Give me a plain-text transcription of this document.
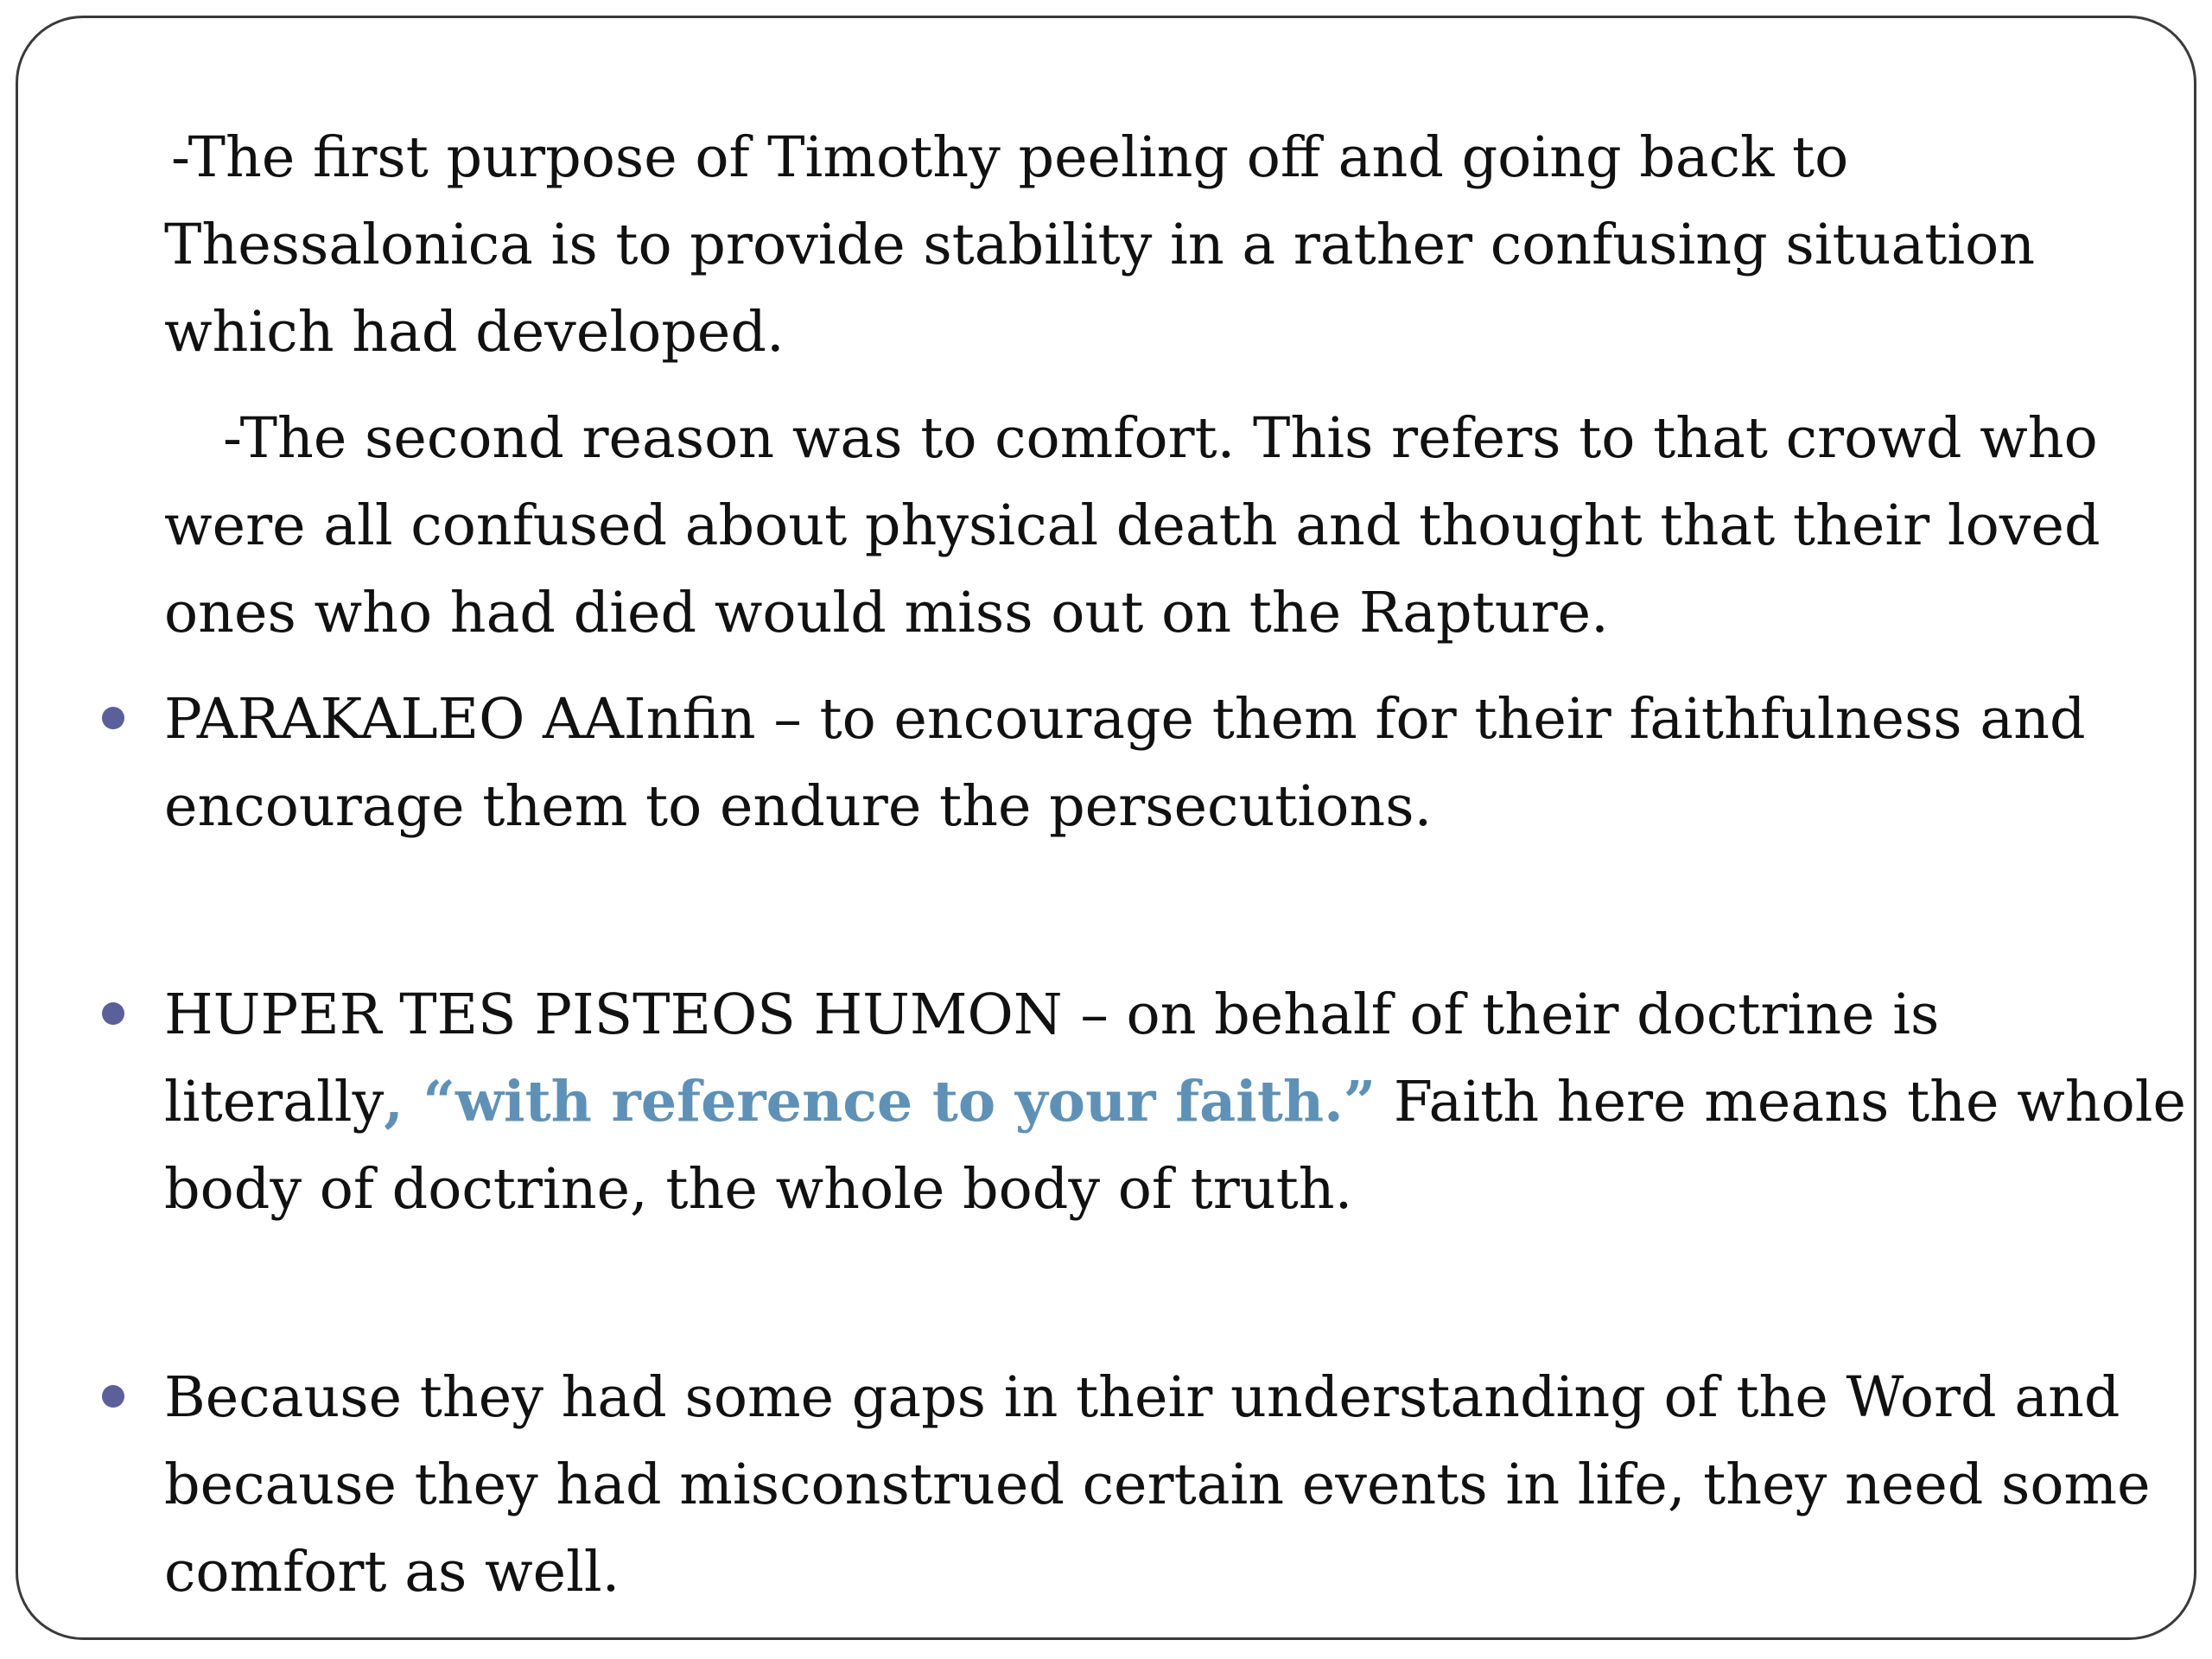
-The first purpose of Timothy peeling off and going back to Thessalonica is to provide stability in a rather confusing situation which had developed.

-The second reason was to comfort. This refers to that crowd who were all confused about physical death and thought that their loved ones who had died would miss out on the Rapture.

PARAKALEO AAInfin – to encourage them for their faithfulness and encourage them to endure the persecutions.
HUPER TES PISTEOS HUMON – on behalf of their doctrine is literally, “with reference to your faith.” Faith here means the whole body of doctrine, the whole body of truth.
Because they had some gaps in their understanding of the Word and because they had misconstrued certain events in life, they need some comfort as well.
